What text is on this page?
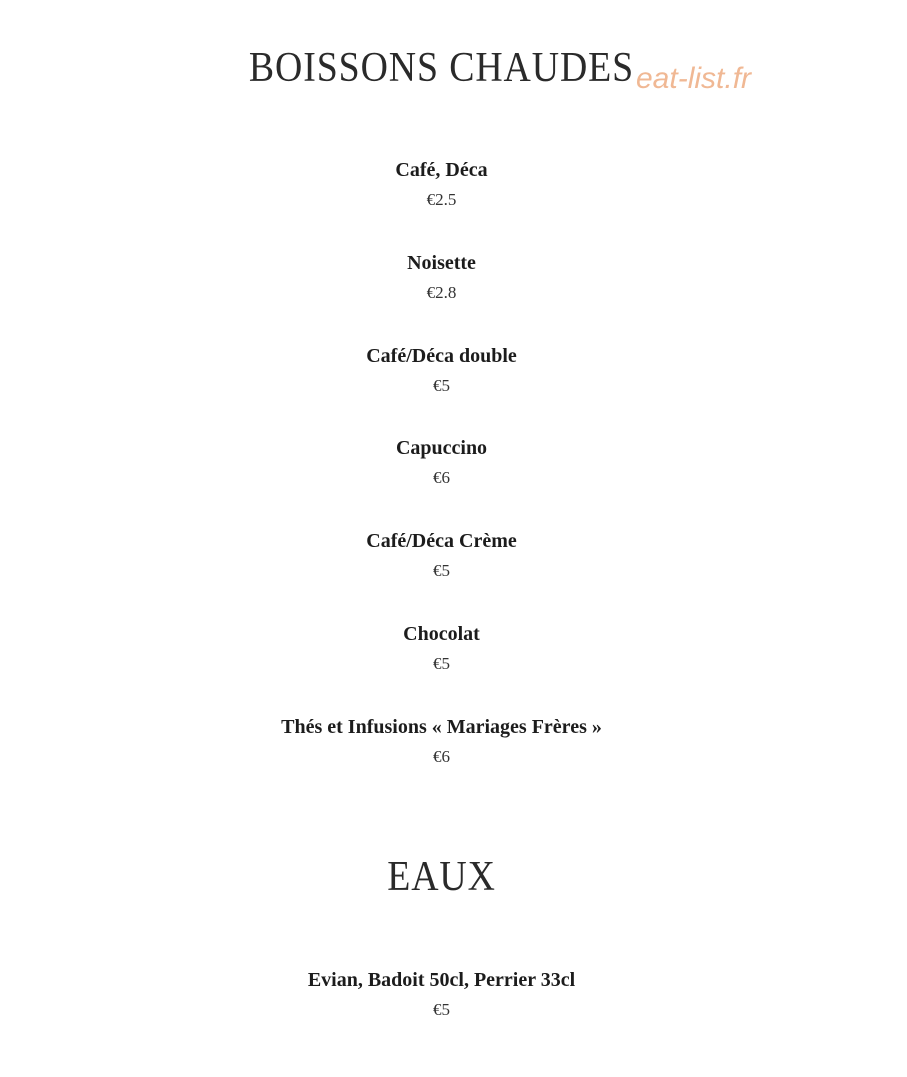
BOISSONS CHAUDES eat-list.fr
Café, Déca
€2.5
Noisette
€2.8
Café/Déca double
€5
Capuccino
€6
Café/Déca Crème
€5
Chocolat
€5
Thés et Infusions « Mariages Frères »
€6
EAUX
Evian, Badoit 50cl, Perrier 33cl
€5
